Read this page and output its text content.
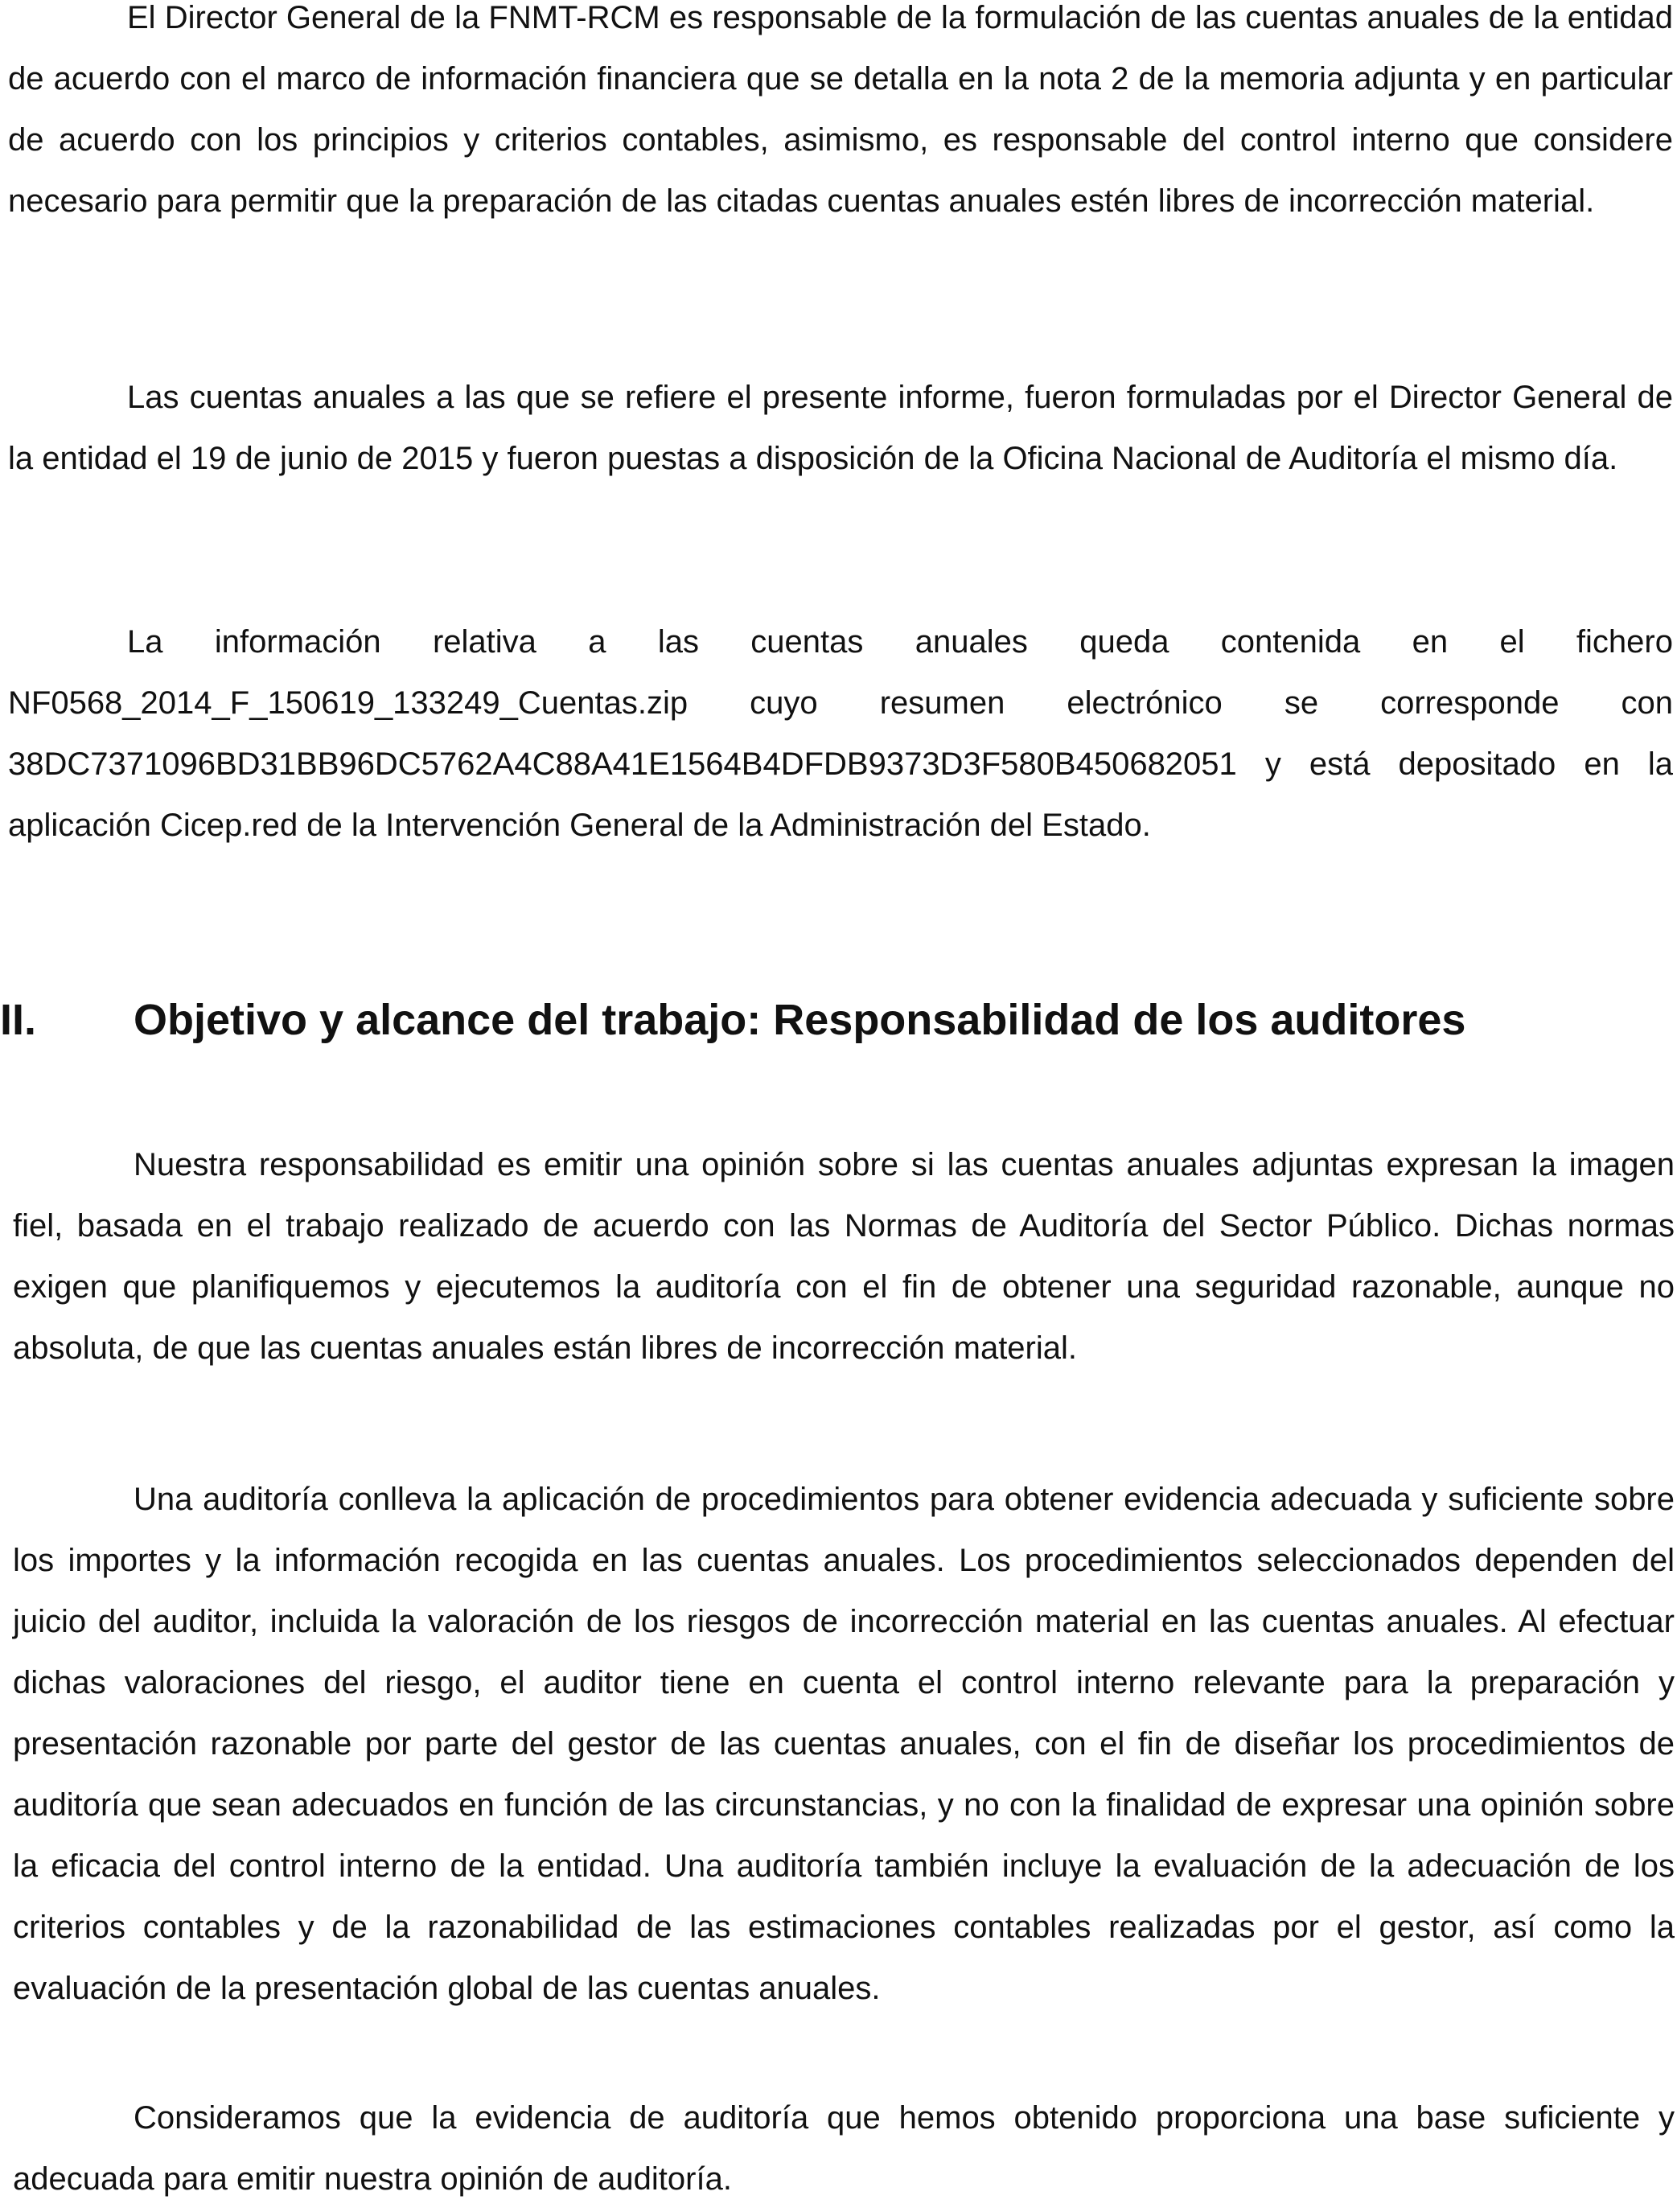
El Director General de la FNMT-RCM es responsable de la formulación de las cuentas anuales de la entidad de acuerdo con el marco de información financiera que se detalla en la nota 2 de la memoria adjunta y en particular de acuerdo con los principios y criterios contables, asimismo, es responsable del control interno que considere necesario para permitir que la preparación de las citadas cuentas anuales estén libres de incorrección material.

Las cuentas anuales a las que se refiere el presente informe, fueron formuladas por el Director General de la entidad el 19 de junio de 2015 y fueron puestas a disposición de la Oficina Nacional de Auditoría el mismo día.

La información relativa a las cuentas anuales queda contenida en el fichero NF0568_2014_F_150619_133249_Cuentas.zip cuyo resumen electrónico se corresponde con 38DC7371096BD31BB96DC5762A4C88A41E1564B4DFDB9373D3F580B450682051 y está depositado en la aplicación Cicep.red de la Intervención General de la Administración del Estado.

II. Objetivo y alcance del trabajo: Responsabilidad de los auditores

Nuestra responsabilidad es emitir una opinión sobre si las cuentas anuales adjuntas expresan la imagen fiel, basada en el trabajo realizado de acuerdo con las Normas de Auditoría del Sector Público. Dichas normas exigen que planifiquemos y ejecutemos la auditoría con el fin de obtener una seguridad razonable, aunque no absoluta, de que las cuentas anuales están libres de incorrección material.

Una auditoría conlleva la aplicación de procedimientos para obtener evidencia adecuada y suficiente sobre los importes y la información recogida en las cuentas anuales. Los procedimientos seleccionados dependen del juicio del auditor, incluida la valoración de los riesgos de incorrección material en las cuentas anuales. Al efectuar dichas valoraciones del riesgo, el auditor tiene en cuenta el control interno relevante para la preparación y presentación razonable por parte del gestor de las cuentas anuales, con el fin de diseñar los procedimientos de auditoría que sean adecuados en función de las circunstancias, y no con la finalidad de expresar una opinión sobre la eficacia del control interno de la entidad. Una auditoría también incluye la evaluación de la adecuación de los criterios contables y de la razonabilidad de las estimaciones contables realizadas por el gestor, así como la evaluación de la presentación global de las cuentas anuales.

Consideramos que la evidencia de auditoría que hemos obtenido proporciona una base suficiente y adecuada para emitir nuestra opinión de auditoría.
